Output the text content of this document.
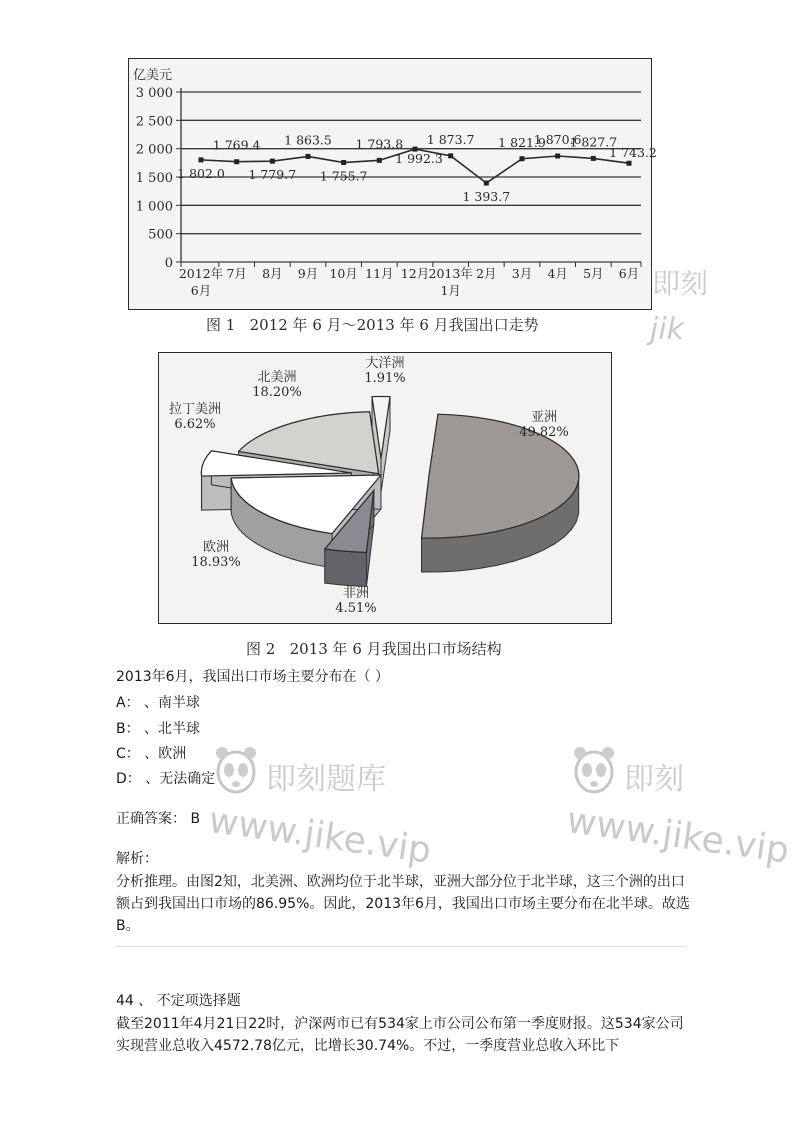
亿美元
0
500
1 000
1 500
2 000
2 500
3 000
2012年
6月
7月 8月 9月 10月 11月 12月 2013年
1月
2月 3月 4月 5月 6月
1 802.0
1 769.4
1 779.7
1 863.5
1 755.7
1 793.8
1 992.3
1 873.7
1 393.7
1 821.9
1 870.6
1 827.7
1 743.2
图 1   2012 年 6 月～2013 年 6 月我国出口走势
亚洲
49.82%
非洲
4.51%
欧洲
18.93%
拉丁美洲
6.62%
北美洲
18.20%
大洋洲
1.91%
图 2   2013 年 6 月我国出口市场结构
2013年6月，我国出口市场主要分布在（ ）
A： 、南半球
B： 、北半球
C： 、欧洲
D： 、无法确定
正确答案： B
解析：
分析推理。由图2知，北美洲、欧洲均位于北半球，亚洲大部分位于北半球，这三个洲的出口额占到我国出口市场的86.95%。因此，2013年6月，我国出口市场主要分布在北半球。故选B。
44 、 不定项选择题
截至2011年4月21日22时，沪深两市已有534家上市公司公布第一季度财报。这534家公司实现营业总收入4572.78亿元，比增长30.74%。不过，一季度营业总收入环比下
即刻题库
www.jike.vip
即刻
www.jike.vip
即刻
jik
